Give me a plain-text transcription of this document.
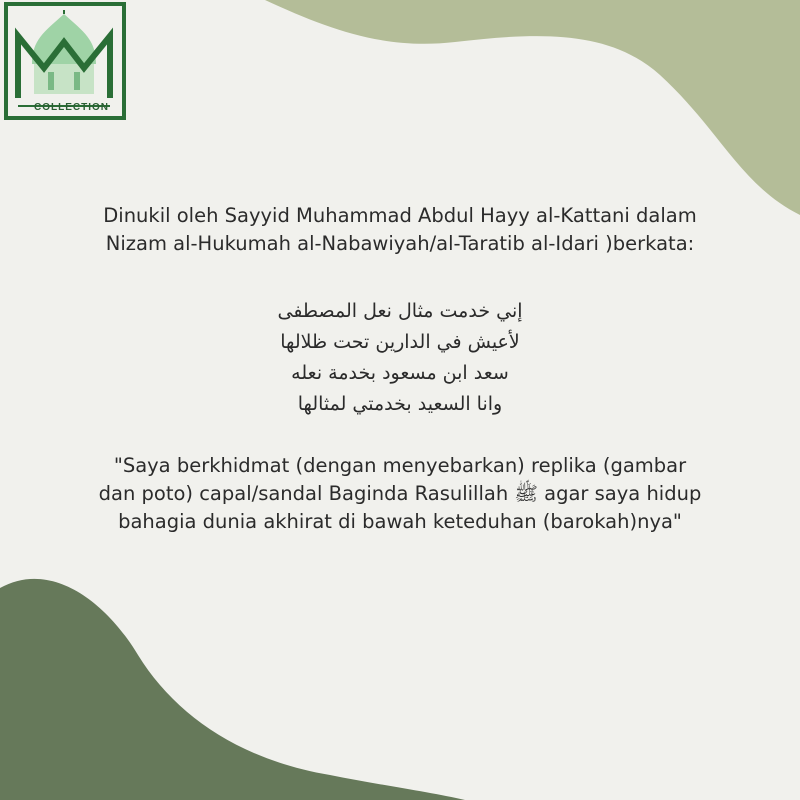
COLLECTION

Dinukil oleh Sayyid Muhammad Abdul Hayy al-Kattani dalam

Nizam al-Hukumah al-Nabawiyah/al-Taratib al-Idari )berkata:

إني خدمت مثال نعل المصطفى

لأعيش في الدارين تحت ظلالها

سعد ابن مسعود بخدمة نعله

وانا السعيد بخدمتي لمثالها

"Saya berkhidmat (dengan menyebarkan) replika (gambar

dan poto) capal/sandal Baginda Rasulillah ﷺ agar saya hidup

bahagia dunia akhirat di bawah keteduhan (barokah)nya"
